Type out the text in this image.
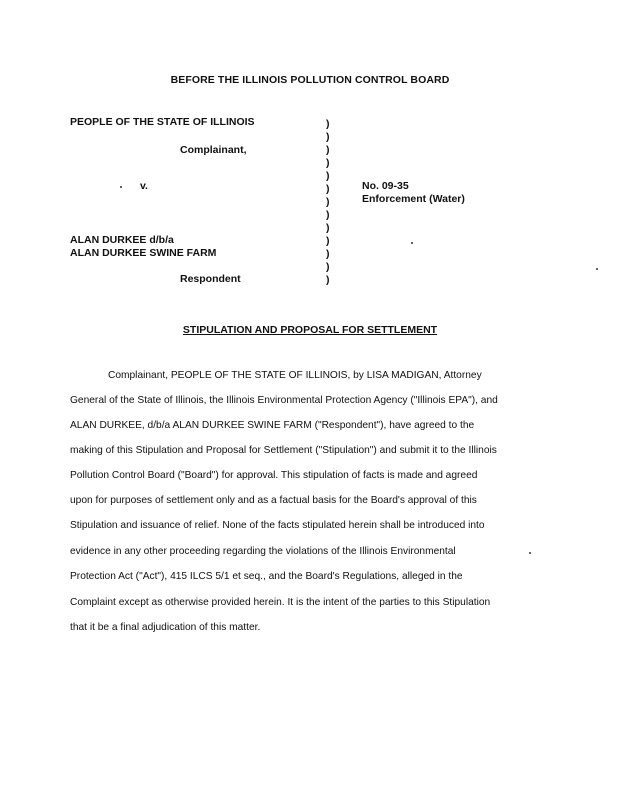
BEFORE THE ILLINOIS POLLUTION CONTROL BOARD
PEOPLE OF THE STATE OF ILLINOIS
Complainant,
v.
ALAN DURKEE d/b/a
ALAN DURKEE SWINE FARM
Respondent
)
)
)
)
)
)
)
)
)
)
)
)
)
No. 09-35
Enforcement (Water)
STIPULATION AND PROPOSAL FOR SETTLEMENT
Complainant, PEOPLE OF THE STATE OF ILLINOIS, by LISA MADIGAN, Attorney
General of the State of Illinois, the Illinois Environmental Protection Agency ("Illinois EPA"), and
ALAN DURKEE, d/b/a ALAN DURKEE SWINE FARM ("Respondent"), have agreed to the
making of this Stipulation and Proposal for Settlement ("Stipulation") and submit it to the Illinois
Pollution Control Board ("Board") for approval. This stipulation of facts is made and agreed
upon for purposes of settlement only and as a factual basis for the Board's approval of this
Stipulation and issuance of relief. None of the facts stipulated herein shall be introduced into
evidence in any other proceeding regarding the violations of the Illinois Environmental
Protection Act ("Act"), 415 ILCS 5/1 et seq., and the Board's Regulations, alleged in the
Complaint except as otherwise provided herein. It is the intent of the parties to this Stipulation
that it be a final adjudication of this matter.
